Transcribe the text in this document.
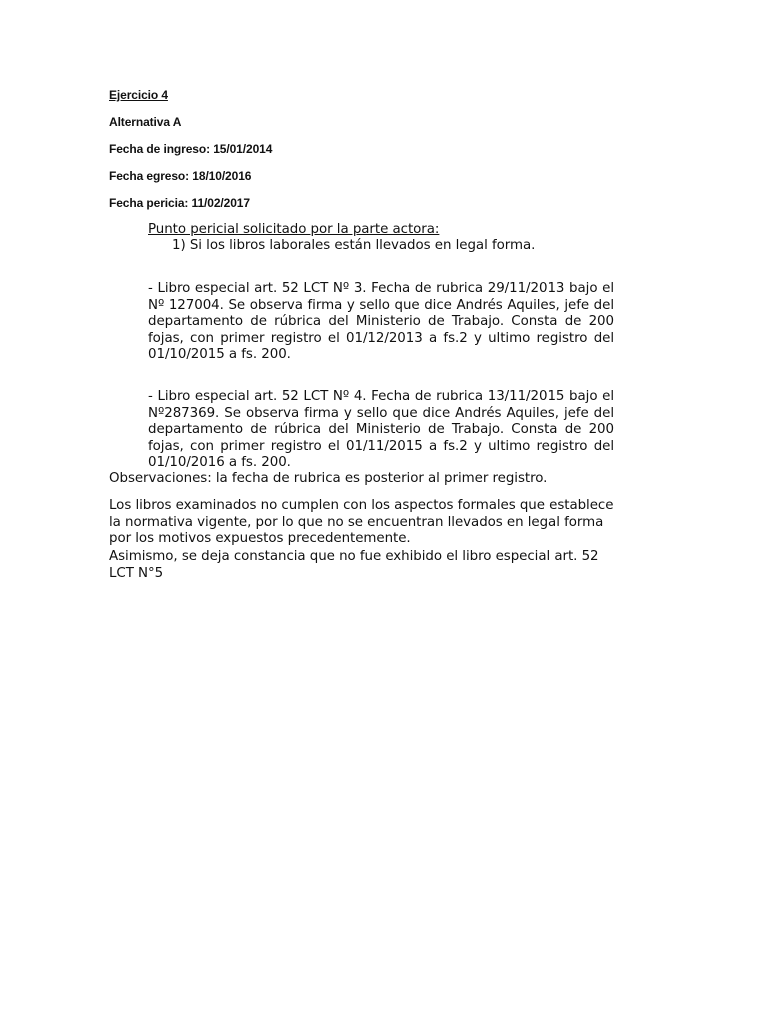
Ejercicio 4
Alternativa A
Fecha de ingreso: 15/01/2014
Fecha egreso: 18/10/2016
Fecha pericia: 11/02/2017
Punto pericial solicitado por la parte actora:
1) Si los libros laborales están llevados en legal forma.
- Libro especial art. 52 LCT Nº 3. Fecha de rubrica 29/11/2013 bajo el Nº 127004. Se observa firma y sello que dice Andrés Aquiles, jefe del departamento de rúbrica del Ministerio de Trabajo. Consta de 200 fojas, con primer registro el 01/12/2013 a fs.2 y ultimo registro del 01/10/2015 a fs. 200.
- Libro especial art. 52 LCT Nº 4. Fecha de rubrica 13/11/2015 bajo el Nº287369. Se observa firma y sello que dice Andrés Aquiles, jefe del departamento de rúbrica del Ministerio de Trabajo. Consta de 200 fojas, con primer registro el 01/11/2015 a fs.2 y ultimo registro del 01/10/2016 a fs. 200.
Observaciones: la fecha de rubrica es posterior al primer registro.
Los libros examinados no cumplen con los aspectos formales que establece la normativa vigente, por lo que no se encuentran llevados en legal forma por los motivos expuestos precedentemente.
Asimismo, se deja constancia que no fue exhibido el libro especial art. 52 LCT N°5
